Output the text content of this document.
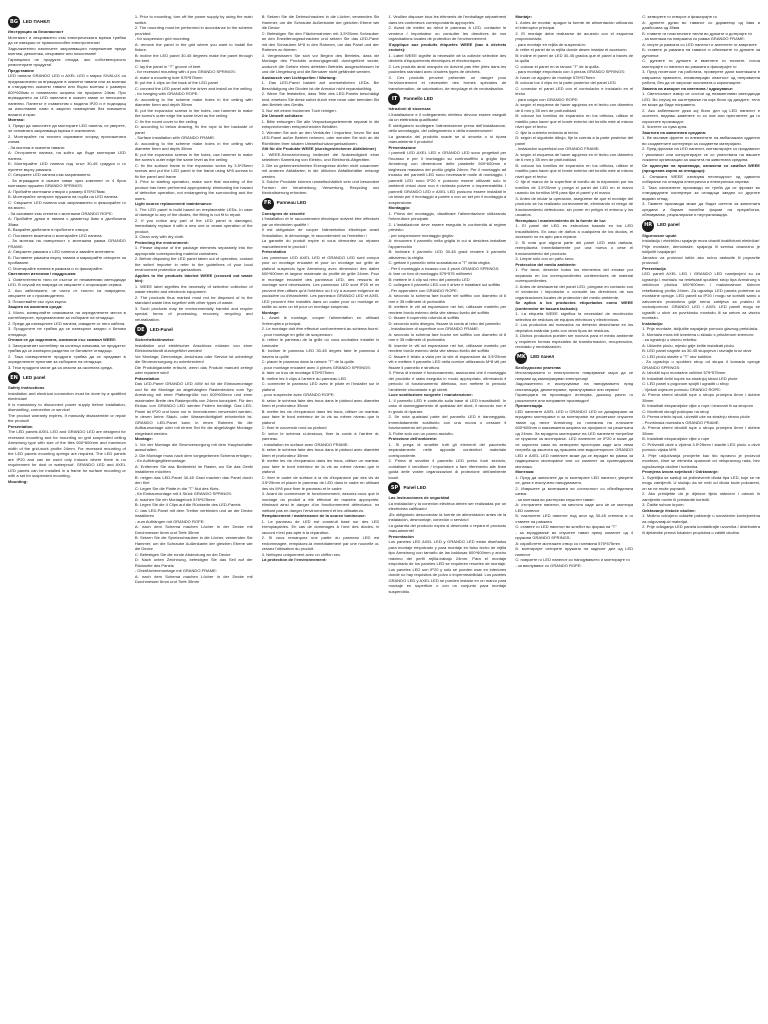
BG	LED ПАНЕЛ

Инструкции за безопасност

Монтажът и свързването към електрическата мрежа трябва да се извърши от правоспособен електротехник!

Задължително изключете захранващото напрежение преди монтаж, демонтаж, свързване или почистване!

Гаранцията не продукта отпада, ако собственоръчно ремонтирате продукта!

Представяне

LED панели GRANDO LED и AXEL LED с марка SIVALUX са предназначени за вграждане в окачени тавани или за монтаж в стандартни окачени тавани или бързо монтаж с размери 600*600мм и номинално ширина на профила 24мм. При вграждането на LED панелите в окачен таван от непосилни панелни. Панелът е съвместим с модела IP20 и е подходящ за използване само в закрити помещения без повишено влажно и прах.

Монтаж:

1. Преди да започнете да монтирате LED панела, се уверете, че основната захранваща мрежа е изключена.

2. Монтирайте на тяхното изрязване според приложената схема.

- За монтаж в окачени тавани:

А: Отстранете панела, на който ще бъде монтиран LED панела.

Б: Монтирайте LED панела под ъгъл 30-45 градуса и го пуснете върху рамката.

С: Свържете LED панела към захранването.

- За вграждане в окачен таван чрез комплект от 4 броя монтажни пружини GRANDO SPRINGS:

А: Пробийте монтажни отвори с размер 575*575мм.

Б: Монтирайте четирите пружини на гърба на LED панела.

С: Свържете LED панела към захранването и фиксирайте го на място.

- За окачване към стената с монтажни GRANDO ROPE:

А: Пробийте дупки в тавана с диаметър 6мм и дълбочина 35мм.

Б: Вкарайте дюбелите в пробитите отвори.

С: Поставете въжетата и монтирайте LED панела.

- За монтаж на повърхност с монтажна рамка GRANDO FRAME:

А: Свържете рамката с LED панела и завийте винтовете.

Б: Поставете рамката върху тавана и маркирайте отворите за пробиване.

С: Монтирайте панела в рамката и го фиксирайте.

Светлинен източник / поддръжка:

1. Осветителното тяло се състои от незаменими светодиоди LED. В случай на повреда се свържете с оторизиран сервиз.

2. Ако забележите, че части от тялото са повредени, свържете се с производителя.

3. Почиствайте със суха кърпа.

Защита на околната среда:

1. Моля, изхвърляйте опаковката на определените места в контейнерите, предназначени за събиране на отпадъци.

2. Преди да изхвърлите LED панела, извадете от него кабела.

3. Продуктите не трябва да се изхвърлят заедно с битови отпадъци.

Отнася се до изделията, означени със символ WEEE:

1. Зачеркнатият контейнер на колелца означава, че продуктът трябва да се изхвърля разделно от битовите отпадъци.

2. Така изхвърлените продукти трябва да се предават в определените пунктове за събиране на отпадъци.

3. Тези продукти могат да са опасни за околната среда.

EN	LED panel

Safety instructions

Installation and electrical connection must be done by a qualified electrician!

It is mandatory to disconnect power supply before installation, dismantling, connection or service!

The product warranty expires, if manually disassemble or repair the product!

Presentation

The LED panels AXEL LED and GRANDO LED are designed for recessed mounting and for mounting on grid suspended ceiling Armstrong type with size of the tiles 600*600mm and maximum width of the grid-work profile 24mm. For recessed mounting of the LED panels mounting springs are required. The LED panels are IP20 and can be used only indoors where there is no requirement for dust or waterproof. GRANDO LED and AXEL LED panels can be installed in a frame for surface mounting or with a set for suspended mounting.

Mounting:

1. Prior to mounting, turn off the power supply by using the main switch.

2. The mounting must be performed in accordance to the scheme provided.

- for suspension grid mounting:

A: remove the panel in the grid where you want to install the fixture.

B: incline the LED panel 30-45 degrees make the panel through the keel.

C: lay the panel in "T" groove of keel.

- for recessed mounting with 4 pcs GRANDO SPRINGS:

A: make a mounting hole 575*575mm

B: put the 4 clips on the back of the LED panel

C: connect the LED panel with the driver and install on the ceiling

- for hanging with GRANDO ROPE:

A: according to the scheme make holes in the ceiling with diameter 6mm and depth 35mm

B: put the expansion screws in the holes, use hammer to make the screw's outer edge the same level as the ceiling

C: fix the round cover to the ceiling

D: according to below drawing, fix the rope to the backside of panel

- Surface installation with GRANDO FRAME:

A: according to the scheme make holes in the ceiling with diameter 6mm and depth 35mm

B: put the expansion screws in the holes, use hammer to make the screw's outer edge the same level as the ceiling

C: fix the surface frame to the expansion screw by 3.5*25mm screws and put the LED panel in the frame using M*8 screws to fix the panel and frame

3. Prior to starting operation, make sure that mounting of the product has been performed appropriately, eliminating the hazard of defective operation, not endangering the surrounding and the users.

Light source replacement/ maintenance:

1. The LED panel is build based on irreplaceable LEDs. In case of damage to any of the diodes, the fitting is not fit to repair.

2. If you notice any part of the LED panel is damaged, immediately replace it with a new one or cease operation of the product.

3. Clean only with dry cloth.

Protecting the environment:

1. Please dispose of the package elements separately into the appropriate corresponding material containers.

2. Before disposing the LED panel taken out of operation, contact the seller/ importer in refer to the guidelines of your local environment protection organizations.

Applies to the products labeled WEEE (crossed out waste bin):

1. WEEE label signifies the necessity of selective collection of waste electric and electronic equipment.

2. The products thus marked must not be disposed of to the standard waste bins together with other types of waste.

3. Such products may be environmentally harmful and require special forms of processing, recovery, recycling and neutralization.

DE	LED-Panel

Sicherheitshinweise

Installation und elektrischer Anschluss müssen von einer Elektrofachkraft durchgeführt werden!

Vor Montage, Demontage, Anschluss oder Service ist unbedingt die Stromversorgung zu unterbrechen!

Die Produktgarantie erlischt, wenn das Produkt manuell zerlegt oder repariert wird!

Präsentation

Das LED-Panel GRANDO LED 40W ist für die Einbaumontage und für die Montage an abgehängten Rasterdecken vom Typ Armstrong mit einer Plattengröße von 600*600mm und einer maximalen Breite des Rasterprofils von 24mm konzipiert. Für den Einbau von GRANDO LED werden Federn benötigt. Das LED-Panel ist IP20 und kann nur in Innenräumen verwendet werden, in denen keine Staub- oder Wasserdichtigkeit erforderlich ist. GRANDO LED-Panel kann in einen Rahmen für die Aufbaumontage oder mit einem Set für die abgehängte Montage eingebaut werden.

Montage:

1. Vor der Montage die Stromversorgung mit dem Hauptschalter ausschalten.

2. Die Montage muss nach dem vorgegebenen Schema erfolgen:

- für Aufhängegittermontage:

A: Entfernen Sie das Bedienfeld im Raster, wo Sie das Gerät installieren möchten

B: neigen das LED-Panel 30-45 Grad machen das Panel durch den Kiel

C: Legen Sie die Platte in die "T" Nut des Kiels.

- für Einbaumontage mit 4 Stück GRANDO SPRINGS:

A: machen Sie ein Montageloch 575*575mm

B: Legen Sie die 4 Clips auf die Rückseite des LED-Panels

C: das LED-Panel mit dem Treiber verbinden und an der Decke installieren

- zum Aufhängen mit GRANDO ROPE:

A: nach dem Schema machen Löcher in der Decke mit Durchmesser 6mm und Tiefe 35mm

B: Setzen Sie die Spreizschrauben in die Löcher, verwenden Sie Hammer, um die Schraube Außenkante der gleichen Ebene wie die Decke

C: Befestigen Sie die runde Abdeckung an der Decke

D: Nach unten Zeichnung, befestigen Sie das Seil auf der Rückseite des Panels

- Oberflächenmontage mit GRANDO FRAME:

A: nach dem Schema machen Löcher in der Decke mit Durchmesser 6mm und Tiefe 35mm

B: Setzen Sie die Dehnschrauben in die Löcher, verwenden Sie Hammer, um die Schraube Außenkante der gleichen Ebene wie die Decke

C: Befestigen Sie den Flächenrahmen mit 3,5*25mm Schrauben an den Erweiterungsschrauben und setzen Sie das LED-Panel mit den Schrauben M*8 in den Rahmen, um das Panel und den Rahmen zu fixieren

3. Vergewissern Sie sich vor Beginn des Betriebs, dass die Montage des Produkts ordnungsgemäß durchgeführt wurde, wodurch die Gefahr eines defekten Betriebs ausgeschlossen ist und die Umgebung und die Benutzer nicht gefährdet werden.

Austausch von Lichtquellen / Wartung:

1. Das LED-Panel basiert auf unersetzlichen LEDs. Bei Beschädigung der Dioden ist die Armatur nicht reparaturfähig.

2. Wenn Sie feststellen, dass Teile des LED-Panels beschädigt sind, ersetzen Sie diese sofort durch eine neue oder beenden Sie den Betrieb des Geräts.

3. Nur mit einem trockenen Tuch reinigen.

Die Umwelt schützen:

1. Bitte entsorgen Sie alle Verpackungselemente separat in die entsprechenden entsprechenden Behälter.

2. Wenden Sie sich an den Verkäufer / Importeur, bevor Sie das LED-Panel außer Betrieb nehmen, oder wenden Sie sich an die Richtlinien Ihrer lokalen Umweltschutzorganisationen.

Gilt für die Produkte WEEE (durchgestrichener Abfalleimer)

1. WEEE-Kennzeichnung bedeutet die Notwendigkeit einer selektiven Sammlung von Elektro- und Elektronik-Altgeräten.

2. Die so gekennzeichneten Erzeugnisse dürfen nicht zusammen mit anderen Abfallarten in die üblichen Abfallbehälter entsorgt werden.

3. Solche Produkte können umweltschädlich sein und besondere Formen der Verarbeitung, Verwertung, Recycling und Neutralisierung erfordern.

FR	Panneau LED

Consignes de sécurité

L'installation et le raccordement électrique doivent être effectués par un électricien qualifié !

Il est obligatoire de couper l'alimentation électrique avant l'installation, le démontage, le raccordement ou l'entretien !

La garantie du produit expire si vous démontez ou réparez manuellement le produit !

Présentation

Les panneaux LED AXEL LED et GRANDO LED sont conçus pour un montage encastré et pour un montage sur grille de plafond suspendu type Armstrong avec dimension des dalles 600*600mm et largeur maximale du profilé de grille 24mm. Pour le montage encastré des panneaux LED, des ressorts de montage sont nécessaires. Les panneaux LED sont IP20 et ne peuvent être utilisés qu'à l'intérieur où il n'y a aucune exigence de poussière ou d'étanchéité. Les panneaux GRANDO LED et AXEL LED peuvent être installés dans un cadre pour un montage en saillie ou avec un kit pour un montage suspendu.

Montage:

1. Avant le montage, couper l'alimentation en utilisant l'interrupteur principal.

2. Le montage doit être effectué conformément au schéma fourni.

- pour montage en grille de suspension:

A: retirer le panneau de la grille où vous souhaitez installer le luminaire

B: incliner le panneau LED 30-45 degrés faire le panneau à travers la quille

C: placer le panneau dans la rainure "T" de la quille.

- pour montage encastré avec 4 pièces GRANDO SPRINGS:

A: faire un trou de montage 575*575mm

B: mettre les 4 clips à l'arrière du panneau LED

C: connecter le panneau LED avec le pilote et l'installer sur le plafond

- pour suspendre avec GRANDO ROPE:

A: selon le schéma faire des trous dans le plafond avec diamètre 6mm et profondeur 35mm

B: mettre les vis d'expansion dans les trous, utiliser un marteau pour faire le bord extérieur de la vis au même niveau que le plafond

C: fixer le couvercle rond au plafond

D: selon le schéma ci-dessous, fixer la corde à l'arrière du panneau

- Installation en surface avec GRANDO FRAME:

A: selon le schéma faire des trous dans le plafond avec diamètre 6mm et profondeur 35mm

B: mettre les vis d'expansion dans les trous, utiliser un marteau pour faire le bord extérieur de la vis au même niveau que le plafond

C: fixer le cadre de surface à la vis d'expansion par des vis de 3.5*25mm et placer le panneau de LED dans le cadre en utilisant des vis M*8 pour fixer le panneau et le cadre

3. Avant de commencer le fonctionnement, assurez-vous que le montage du produit a été effectué de manière appropriée, éliminant ainsi le danger d'un fonctionnement défectueux, ne mettant pas en danger l'environnement et les utilisateurs.

Remplacement / maintenance de la source lumineuse:

1. Le panneau de LED est construit basé sur des LED irremplaçables. En cas de dommages à l'une des diodes, le raccord n'est pas apte à la réparation.

2. Si vous remarquez une partie du panneau LED est endommagée, remplacez-la immédiatement par une nouvelle ou cessez l'utilisation du produit.

3. Nettoyez uniquement avec un chiffon sec.

La protection de l'environnement:

1. Veuillez disposer tous les éléments de l'emballage séparément dans les conteneurs correspondants appropriés.

2. Avant de mettre au rebut le panneau à LED, contacter le vendeur / importateur ou consulter les directives de vos organisations locales de protection de l'environnement.

S'applique aux produits étiquetés WEEE (bac à déchets croisés):

1. Label WEEE signifie la nécessité de la collecte sélective des déchets d'équipements électriques et électroniques.

2. Les produits ainsi marqués ne doivent pas être jetés dans les poubelles standard avec d'autres types de déchets.

3. Ces produits peuvent présenter un danger pour l'environnement et nécessiter des formes spéciales de transformation, de valorisation, de recyclage et de neutralisation.

IT	Pannello LED

Istruzioni di sicurezza

L'installazione e il collegamento elettrico devono essere eseguiti da un elettricista qualificato!

È obbligatorio scollegare l'alimentazione prima dell'installazione, dello smontaggio, del collegamento o della manutenzione!

La garanzia del prodotto scade se si smonta o si ripara manualmente il prodotto!

Presentazione

I pannelli LED AXEL LED e GRANDO LED sono progettati per l'incasso e per il montaggio su controsoffitto a griglia tipo Armstrong con dimensione delle piastrelle 600*600mm e larghezza massima del profilo griglia 24mm. Per il montaggio ad incasso dei pannelli LED sono necessarie molle di montaggio. I pannelli LED sono IP20 e possono essere utilizzati solo in ambienti chiusi dove non è richiesta polvere o impermeabilità. I pannelli GRANDO LED e AXEL LED possono essere installati in un telaio per il montaggio a parete o con un set per il montaggio a sospensione.

Montaggio:

1. Prima del montaggio, disattivare l'alimentazione utilizzando l'interruttore principale.

2. L'installazione deve essere eseguita in conformità al regime previsto:

- per sospensione montaggio griglia:

A: rimuovere il pannello nella griglia in cui si desidera installare l'apparecchio

B: inclinare il pannello LED 30-45 gradi rendere il pannello attraverso la chiglia

C: gettare il pannello nella scanalatura a "T" della chiglia.

- Per il montaggio a incasso con 4 pezzi GRANDO SPRINGS:

A: fare un foro di montaggio 575*575 millimetri

B: mettere le 4 clip sul retro del pannello LED

C: collegare il pannello LED con il driver e installare sul soffitto

- Per appendere con GRANDO ROPE:

A: secondo lo schema fare buche nel soffitto con diametro di 6 mm e 35 millimetri di profondità

B: mettere le viti ad espansione nei fori, utilizzare martello per rendere bordo esterno della vite stesso livello del soffitto

C: fissare il coperchio rotondo al soffitto

D: secondo sotto disegno, fissare la corda al retro del pannello

- Installazione di superficie con GRANDO FRAME:

A: secondo lo schema fare buche nel soffitto con diametro di 6 mm e 35 millimetri di profondità

B: inserire le viti ad espansione nei fori, utilizzare martello per rendere bordo esterno della vite stesso livello del soffitto

C: fissare il telaio a vista per la vite di espansione da 3.5*25mm viti e mettere il pannello LED nella cornice utilizzando M*8 viti per fissare il pannello e struttura

3. Prima di iniziare il funzionamento, assicurarsi che il montaggio del prodotto è stata eseguita in modo appropriato, eliminando il pericolo di funzionamento difettoso, non mettere in pericolo l'ambiente circostante e gli utenti.

Luce sostituzione sorgente / manutenzione:

1. Il pannello LED è costruito sulla base di LED insostituibili. In caso di danneggiamento di qualsiasi dei diodi, il raccordo non è in grado di riparare.

2. Se nota qualsiasi parte del pannello LED è danneggiato, immediatamente sostituirlo con una nuova o cessare il funzionamento del prodotto.

3. Pulire solo con un panno asciutto.

Protezione dell'ambiente:

1. Si prega di smaltire tutti gli elementi del pacchetto separatamente nelle apposite contenitori materiale corrispondente.

2. Prima di smaltire il pannello LED preso fuori servizio, contattare il venditore / importatore o fare riferimento alle linee guida delle vostre organizzazioni di protezione dell'ambiente locali.

SP	Panel LED

Las instrucciones de seguridad

La instalación y la conexión eléctrica deben ser realizadas por un electricista calificado!

¡Es obligatorio desconectar la fuente de alimentación antes de la instalación, desmontaje, conexión o servicio!

La garantía del producto expira si desmonta o repara el producto manualmente!

Presentación

Los paneles LED AXEL LED y GRANDO LED están diseñados para montaje empotrado y para montaje en falso techo de rejilla tipo Armstrong con tamaño de las baldosas 600*600mm y ancho máximo del perfil rejilla-trabajo 24mm. Para el montaje empotrado de los paneles LED se requieren resortes de montaje. Los paneles LED son IP20 y solo se pueden usar en interiores donde no hay requisitos de polvo o impermeabilidad. Los paneles GRANDO LED y AXEL LED se pueden instalar en un marco para montaje en superficie o con un conjunto para montaje suspendido.

Montaje:

1. Antes de montar, apague la fuente de alimentación utilizando el interruptor principal.

2. El montaje debe realizarse de acuerdo con el esquema proporcionado:

- para montaje en rejilla de suspensión:

A: retire el panel de la rejilla donde desee instalar el accesorio

B: incline el panel de LED 30-45 grados que el panel a través de la quilla

C: colocar el panel en la ranura "T" de la quilla.

- para montaje empotrado con 4 piezas GRANDO SPRINGS:

A: hacer un agujero de montaje 575*575mm

B: colocar los 4 clips en la parte posterior del panel LED

C: conectar el panel LED con el controlador e instalarlo en el techo

- para colgar con GRANDO ROPE:

A: según el esquema de hacer agujeros en el techo con diámetro de 6 mm y 35 mm de profundidad

B: colocar los tornillos de expansión en los orificios, utilizar el martillo para hacer que el borde exterior del tornillo esté al mismo nivel que el techo

C: fijar la cubierta redonda al techo

D: según el siguiente dibujo, fije la cuerda a la parte posterior del panel

- Instalación superficial con GRANDO FRAME:

A: según el esquema de hacer agujeros en el techo con diámetro de 6 mm y 35 mm de profundidad

B: colocar los tornillos de expansión en los orificios, utilizar el martillo para hacer que el borde exterior del tornillo esté al mismo nivel que el techo

C: fije el marco de la superficie al tornillo de la expansión por los tornillos de 3.5*25mm y ponga el panel del LED en el marco usando los tornillos M*8 para fijar el panel y el marco

3. Antes de iniciar la operación, asegúrese de que el montaje del producto se ha realizado correctamente, eliminando el riesgo de funcionamiento defectuoso, sin poner en peligro el entorno y los usuarios.

Reemplazo / mantenimiento de la fuente de luz:

1. El panel del LED es estructura basado en los LED insustituibles. En caso de daños a cualquiera de los diodos, el accesorio no es apto para reparar.

2. Si nota que alguna parte del panel LED está dañada, reemplácela inmediatamente por una nueva o cese el funcionamiento del producto.

3. Limpie sólo con un paño seco.

Protección del medio ambiente:

1. Por favor, deseche todos los elementos del envase por separado en los correspondientes contenedores de material correspondientes.

2. Antes de deshacerse del panel LED, póngase en contacto con el vendedor / importador o consulte las directrices de sus organizaciones locales de protección del medio ambiente.

Se aplica a los productos etiquetados como WEEE (contenedor de basura tachado):

1. La etiqueta WEEE significa la necesidad de recolección selectiva de residuos de equipos eléctricos y electrónicos.

2. Los productos así marcados no deberán desecharse en los depósitos estándar junto con otros tipos de residuos.

3. Dichos productos pueden ser nocivos para el medio ambiente y requieren formas especiales de transformación, recuperación, reciclado y neutralización.

MK LED панел

Безбедносни упатства

Инсталирањето и електричното поврзување мора да се направи од квалификуван електричар!

Задолжително е исклучување на напојувањето пред инсталација, демонтирање, приклучување или сервис!

Гаранцијата на производот истекува, доколку рачно го расклопите или поправите производот!

Презентација

LED панелите AXEL LED и GRANDO LED се дизајнирани за вградено монтирање и за монтирање на решеткаст спуштен таван од типот Armstrong со големина на плочките 600*600mm и максимална ширина на профилот на решетката од 24mm. За вградено монтирање на LED панелите потребни се пружини за монтирање. LED панелите се IP20 и може да се користат само во затворени простории каде што нема потреба од заштита од прашина или водоотпорност. GRANDO LED и AXEL LED панелите може да се вградат во рамка за надворешно монтирање или со комплет за суспендирана монтажа.

Монтажа:

1. Пред да започнете да го монтирате LED панелот, уверете се, дека е исклучено напојувањето.

2. Извршете ја монтажата во согласност со обезбедената шема:

- за монтажа во растерски спуштен таван:

А: отстранете панелот, на местото каде што ќе се монтира LED панелот

Б: наклонете LED панелот под агол од 30-45 степени и го ставете на рамката

С: ставете го LED панелот во жлебот во форма на "T"

- за вградување во спуштен таван преку комплет од 4 пружини GRANDO SPRINGS:

А: изработете монтажен отвор со големина 575*575mm

Б: монтирајте четирите пружини на задниот дел од LED панелот

С: поврзете го LED панелот со напојувањето и монтирајте го

- за виснување со GRANDO ROPE:

С: затворете го отворот и фиксирајте го

А: дупнете дупки во таванот со дијаметар од 6мм и длабочина од 35мм

Б: ставете ги пластичните типли во дупките и дотерајте ги

- за монтажа на површина со рамка GRANDO FRAME:

А: спојте ја рамката со LED панелот и затегнете ги завртките

Б: ставете ја рамката на таванот и обележете ги дупките за дупчење

С: дупнете ги дупките и вметнете ги типлите, потоа монтирајте го панелот во рамката и фиксирајте го

3. Пред почетокот на работата, проверете дали монтажата е извршена правилно, елиминирајќи опасност од неправилна работа, без да се загрозат околината и корисниците.

Замена на изворот на светлина / одржување:

1. Светлосниот извор се состои од незаменливи светодиоди LED. Во случај на оштетување на која било од диодите, тело не може да биде поправено.

2. Ако забележите дека кој било дел од LED панелот е оштетен, веднаш заменете го со нов или престанете да го користите производот.

3. Чистете со сува крпа.

Заштита на животната средина:

1. Ве молиме фрлете ги елементите на амбалажата одделно во соодветните контејнери за соодветни материјали.

2. Пред фрлање на LED панелот, контактирајте со продавачот / увозникот или консултирајте се со упатствата на вашите локални организации за заштита на животната средина.

Се однесува на производи, означени со симбол WEEE (прецртана корпа за отпадоци):

1. Ознаката WEEE означува неопходност од одвоено собирање на отпадна електрична и електронска опрема.

2. Така означените производи не треба да се фрлаат во стандардните контејнери за отпадоци заедно со другите видови отпад.

3. Таквите производи може да бидат штетни за животната средина и бараат посебни форми на преработка, обновување, рециклирање и неутрализација.

HR	LED panel

Sigurnosne upute

Instalaciju i električnu spajanje mora obaviti kvalificirani električar!

Prije montaže, demontaže, spajanja ili servisa obavezno je isključiti napajanje!

Jamstvo za proizvod ističe ako ručno rastavite ili popravite proizvod!

Prezentacija

LED paneli AXEL LED i GRANDO LED namijenjeni su za ugradnju i montažu na rešetkasti spušteni strop tipa Armstrong s veličinom pločica 600*600mm i maksimalnom širinom rešetkastog profila 24mm. Za ugradnju LED panela potrebne su montažne opruge. LED paneli su IP20 i mogu se koristiti samo u zatvorenim prostorima gdje nema zahtjeva za prašinu ili vodootpornost. GRANDO LED i AXEL LED paneli mogu se ugraditi u okvir za površinsku montažu ili sa setom za viseću montažu.

Instalacija:

1. Prije montaže, isključite napajanje pomoću glavnog prekidača.

2. Montaža mora biti izvedena u skladu s priloženom shemom:

- za ugradnju u viseću rešetku:

A: Uklonite ploču, mjesto gdje želite instalirati ploču

B: LED panel nagnite za 30-45 stupnjeva i ravnajte kroz okvir

C: LED ploču stavite u "T" utor kobilice.

- Za ugradnju u spušteni strop od skupa 4 komada opruge GRANDO SPRINGS:

A: Izbušiti rupu montažne veličine 575*575mm

B: Instalirati četiri kopče na stražnjoj strani LED ploče

C: LED panel s pogonom spojiti i ugraditi u strop

- Vješati ovjesom pomoću GRANDO ROPE:

A: Prema shemi izbušiti rupe u stropu promjera 6mm i dubine 35mm

B: Instalirati ekspanzijske vijke u rupe i izravnati ih sa stropom

C: Montirati okrugli poklopac na strop

D: Prema crtežu ispod, učvrstiti uže na stražnju stranu ploče

- Površinska montaža s GRANDO FRAME:

A: Prema shemi izbušiti rupe u stropu promjera 6mm i dubine 35mm

B: Instalirati ekspanzijske vijke u rupe

C: Pričvrstiti okvir s vijcima 3.5*25mm i stavite LED ploču u okvir pomoću vijaka M*8

3. Prije uključivanja provjerite kao što ispravno je proizvod montiran, čime se eliminira opasnost od neispravnog rada, bez ugrožavanja okoline i korisnika.

Promjena izvora svjetlosti / Održavanje:

1. Svjetiljka se sastoji od jedinstvenih dioda tipa LED, koje se ne mogu zamijeniti. U slučaju da se neki od dioda bude pokvareni, on se ne može popraviti.

2. Ako primijetite da je dijelove tijela oštećeni i odmah ih zamijenite novim ili prestanite koristiti.

3. Čistite suhom krpom.

Održavanje čistoće okoline:

1. Molimo odvojeno odlažite pakiranje u označenim kontejnerima za odgovarajući materijal.

2. Prije odlaganja LED panela kontaktirajte uvoznika / distributera ili djelatnike prema lokalnim propisima o zaštiti okoline.
